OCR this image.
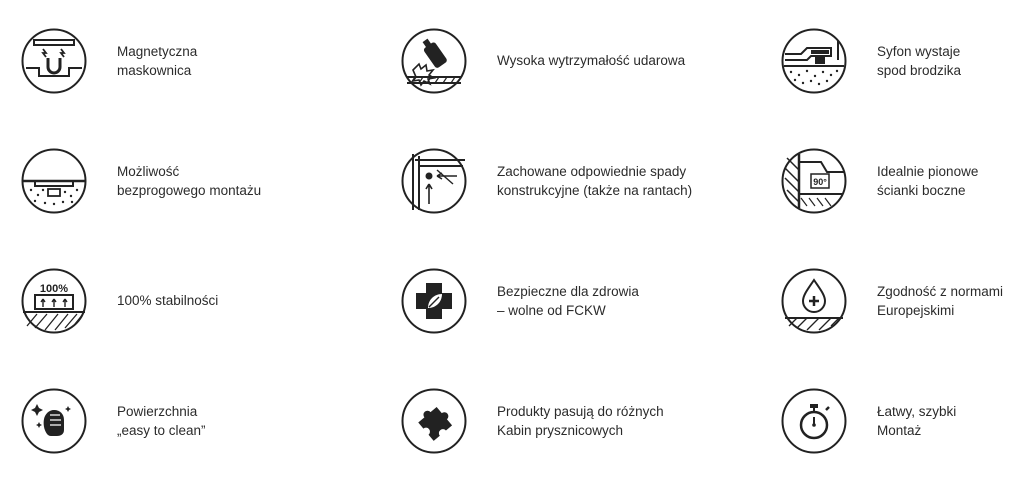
Magnetyczna
maskownica
Wysoka wytrzymałość udarowa
Syfon wystaje
spod brodzika
Możliwość
bezprogowego montażu
Zachowane odpowiednie spady
konstrukcyjne (także na rantach)
90°
Idealnie pionowe
ścianki boczne
100%
100% stabilności
Bezpieczne dla zdrowia
– wolne od FCKW
Zgodność z normami
Europejskimi
Powierzchnia
„easy to clean”
Produkty pasują do różnych
Kabin prysznicowych
Łatwy, szybki
Montaż
